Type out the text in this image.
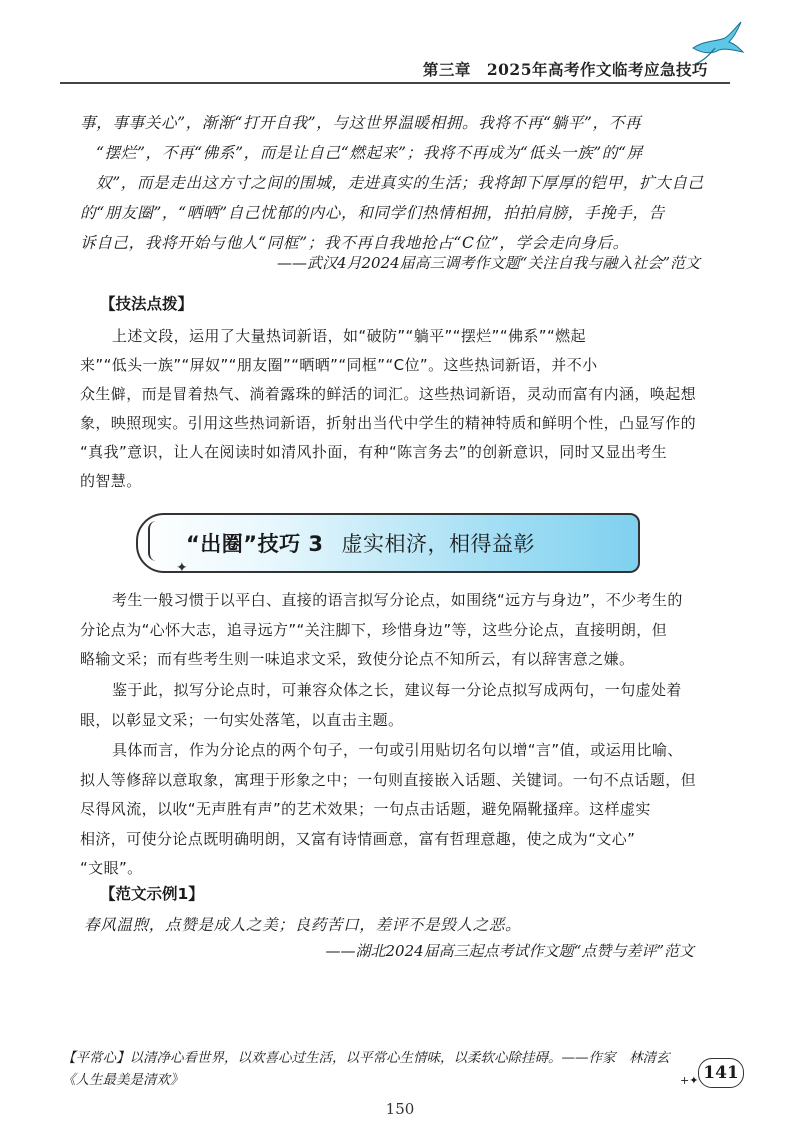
第三章　2025年高考作文临考应急技巧
事，事事关心”，渐渐“打开自我”，与这世界温暖相拥。我将不再“躺平”，不再
“摆烂”，不再“佛系”，而是让自己“燃起来”；我将不再成为“低头一族”的“屏
奴”，而是走出这方寸之间的围城，走进真实的生活；我将卸下厚厚的铠甲，扩大自己
的“朋友圈”，“晒晒”自己忧郁的内心，和同学们热情相拥，拍拍肩膀，手挽手，告
诉自己，我将开始与他人“同框”；我不再自我地抢占“C位”，学会走向身后。
——武汉4月2024届高三调考作文题“关注自我与融入社会”范文
【技法点拨】
上述文段，运用了大量热词新语，如“破防”“躺平”“摆烂”“佛系”“燃起
来”“低头一族”“屏奴”“朋友圈”“晒晒”“同框”“C位”。这些热词新语，并不小
众生僻，而是冒着热气、淌着露珠的鲜活的词汇。这些热词新语，灵动而富有内涵，唤起想
象，映照现实。引用这些热词新语，折射出当代中学生的精神特质和鲜明个性，凸显写作的
“真我”意识，让人在阅读时如清风扑面，有种“陈言务去”的创新意识，同时又显出考生
的智慧。
“出圈”技巧 3 虚实相济，相得益彰
✦
考生一般习惯于以平白、直接的语言拟写分论点，如围绕“远方与身边”，不少考生的
分论点为“心怀大志，追寻远方”“关注脚下，珍惜身边”等，这些分论点，直接明朗，但
略输文采；而有些考生则一味追求文采，致使分论点不知所云，有以辞害意之嫌。
鉴于此，拟写分论点时，可兼容众体之长，建议每一分论点拟写成两句，一句虚处着
眼，以彰显文采；一句实处落笔，以直击主题。
具体而言，作为分论点的两个句子，一句或引用贴切名句以增“言”值，或运用比喻、
拟人等修辞以意取象，寓理于形象之中；一句则直接嵌入话题、关键词。一句不点话题，但
尽得风流，以收“无声胜有声”的艺术效果；一句点击话题，避免隔靴搔痒。这样虚实
相济，可使分论点既明确明朗，又富有诗情画意，富有哲理意趣，使之成为“文心”
“文眼”。
【范文示例1】
春风温煦，点赞是成人之美；良药苦口，差评不是毁人之恶。
——湖北2024届高三起点考试作文题“点赞与差评”范文
【平常心】以清净心看世界，以欢喜心过生活，以平常心生情味，以柔软心除挂碍。——作家　林清玄
《人生最美是清欢》	+✦ 141
150
